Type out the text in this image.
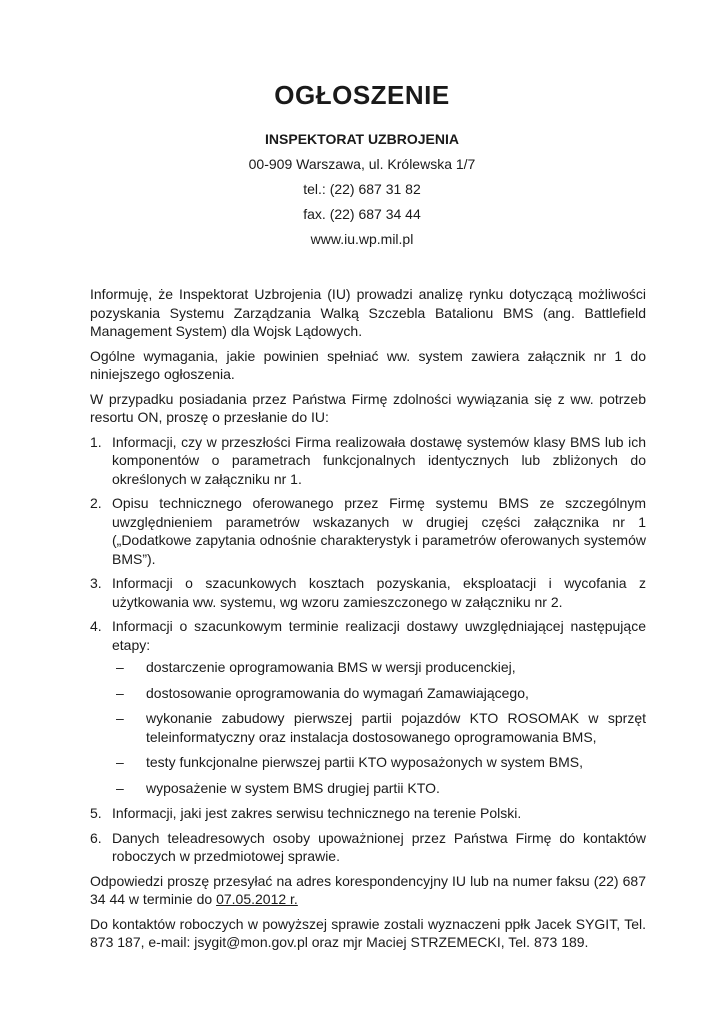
OGŁOSZENIE
INSPEKTORAT UZBROJENIA
00-909 Warszawa, ul. Królewska 1/7
tel.: (22) 687 31 82
fax. (22) 687 34 44
www.iu.wp.mil.pl

Informuję, że Inspektorat Uzbrojenia (IU) prowadzi analizę rynku dotyczącą możliwości pozyskania Systemu Zarządzania Walką Szczebla Batalionu BMS (ang. Battlefield Management System) dla Wojsk Lądowych.

Ogólne wymagania, jakie powinien spełniać ww. system zawiera załącznik nr 1 do niniejszego ogłoszenia.

W przypadku posiadania przez Państwa Firmę zdolności wywiązania się z ww. potrzeb resortu ON, proszę o przesłanie do IU:

1. Informacji, czy w przeszłości Firma realizowała dostawę systemów klasy BMS lub ich komponentów o parametrach funkcjonalnych identycznych lub zbliżonych do określonych w załączniku nr 1.
2. Opisu technicznego oferowanego przez Firmę systemu BMS ze szczególnym uwzględnieniem parametrów wskazanych w drugiej części załącznika nr 1 („Dodatkowe zapytania odnośnie charakterystyk i parametrów oferowanych systemów BMS”).
3. Informacji o szacunkowych kosztach pozyskania, eksploatacji i wycofania z użytkowania ww. systemu, wg wzoru zamieszczonego w załączniku nr 2.
4. Informacji o szacunkowym terminie realizacji dostawy uwzględniającej następujące etapy:
– dostarczenie oprogramowania BMS w wersji producenckiej,
– dostosowanie oprogramowania do wymagań Zamawiającego,
– wykonanie zabudowy pierwszej partii pojazdów KTO ROSOMAK w sprzęt teleinformatyczny oraz instalacja dostosowanego oprogramowania BMS,
– testy funkcjonalne pierwszej partii KTO wyposażonych w system BMS,
– wyposażenie w system BMS drugiej partii KTO.
5. Informacji, jaki jest zakres serwisu technicznego na terenie Polski.
6. Danych teleadresowych osoby upoważnionej przez Państwa Firmę do kontaktów roboczych w przedmiotowej sprawie.

Odpowiedzi proszę przesyłać na adres korespondencyjny IU lub na numer faksu (22) 687 34 44 w terminie do 07.05.2012 r.

Do kontaktów roboczych w powyższej sprawie zostali wyznaczeni ppłk Jacek SYGIT, Tel. 873 187, e-mail: jsygit@mon.gov.pl oraz mjr Maciej STRZEMECKI, Tel. 873 189.
